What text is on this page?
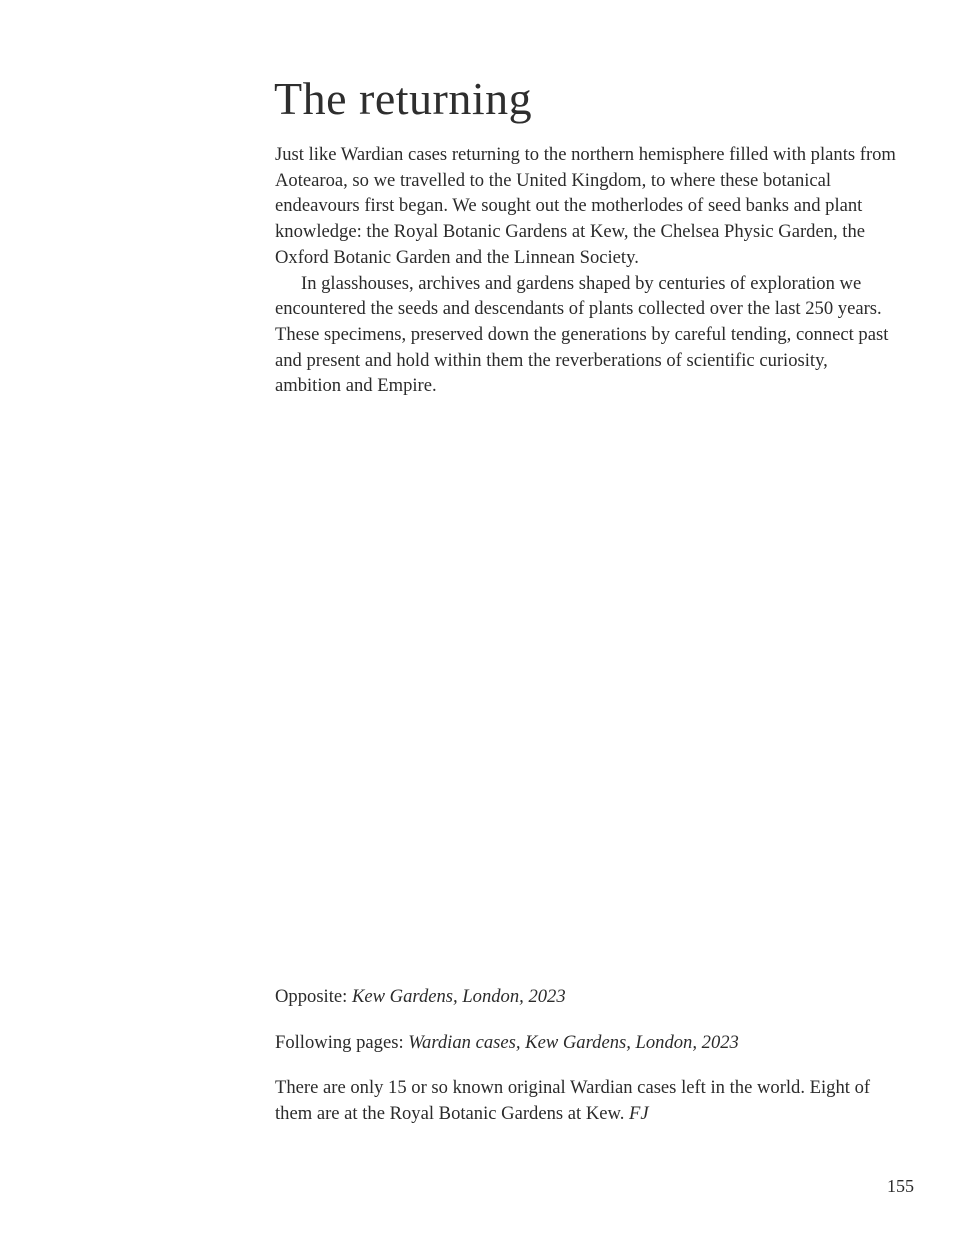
The returning

Just like Wardian cases returning to the northern hemisphere filled with plants from Aotearoa, so we travelled to the United Kingdom, to where these botanical endeavours first began. We sought out the motherlodes of seed banks and plant knowledge: the Royal Botanic Gardens at Kew, the Chelsea Physic Garden, the Oxford Botanic Garden and the Linnean Society.

In glasshouses, archives and gardens shaped by centuries of exploration we encountered the seeds and descendants of plants collected over the last 250 years. These specimens, preserved down the generations by careful tending, connect past and present and hold within them the reverberations of scientific curiosity, ambition and Empire.

Opposite: Kew Gardens, London, 2023

Following pages: Wardian cases, Kew Gardens, London, 2023

There are only 15 or so known original Wardian cases left in the world. Eight of them are at the Royal Botanic Gardens at Kew. FJ

155
